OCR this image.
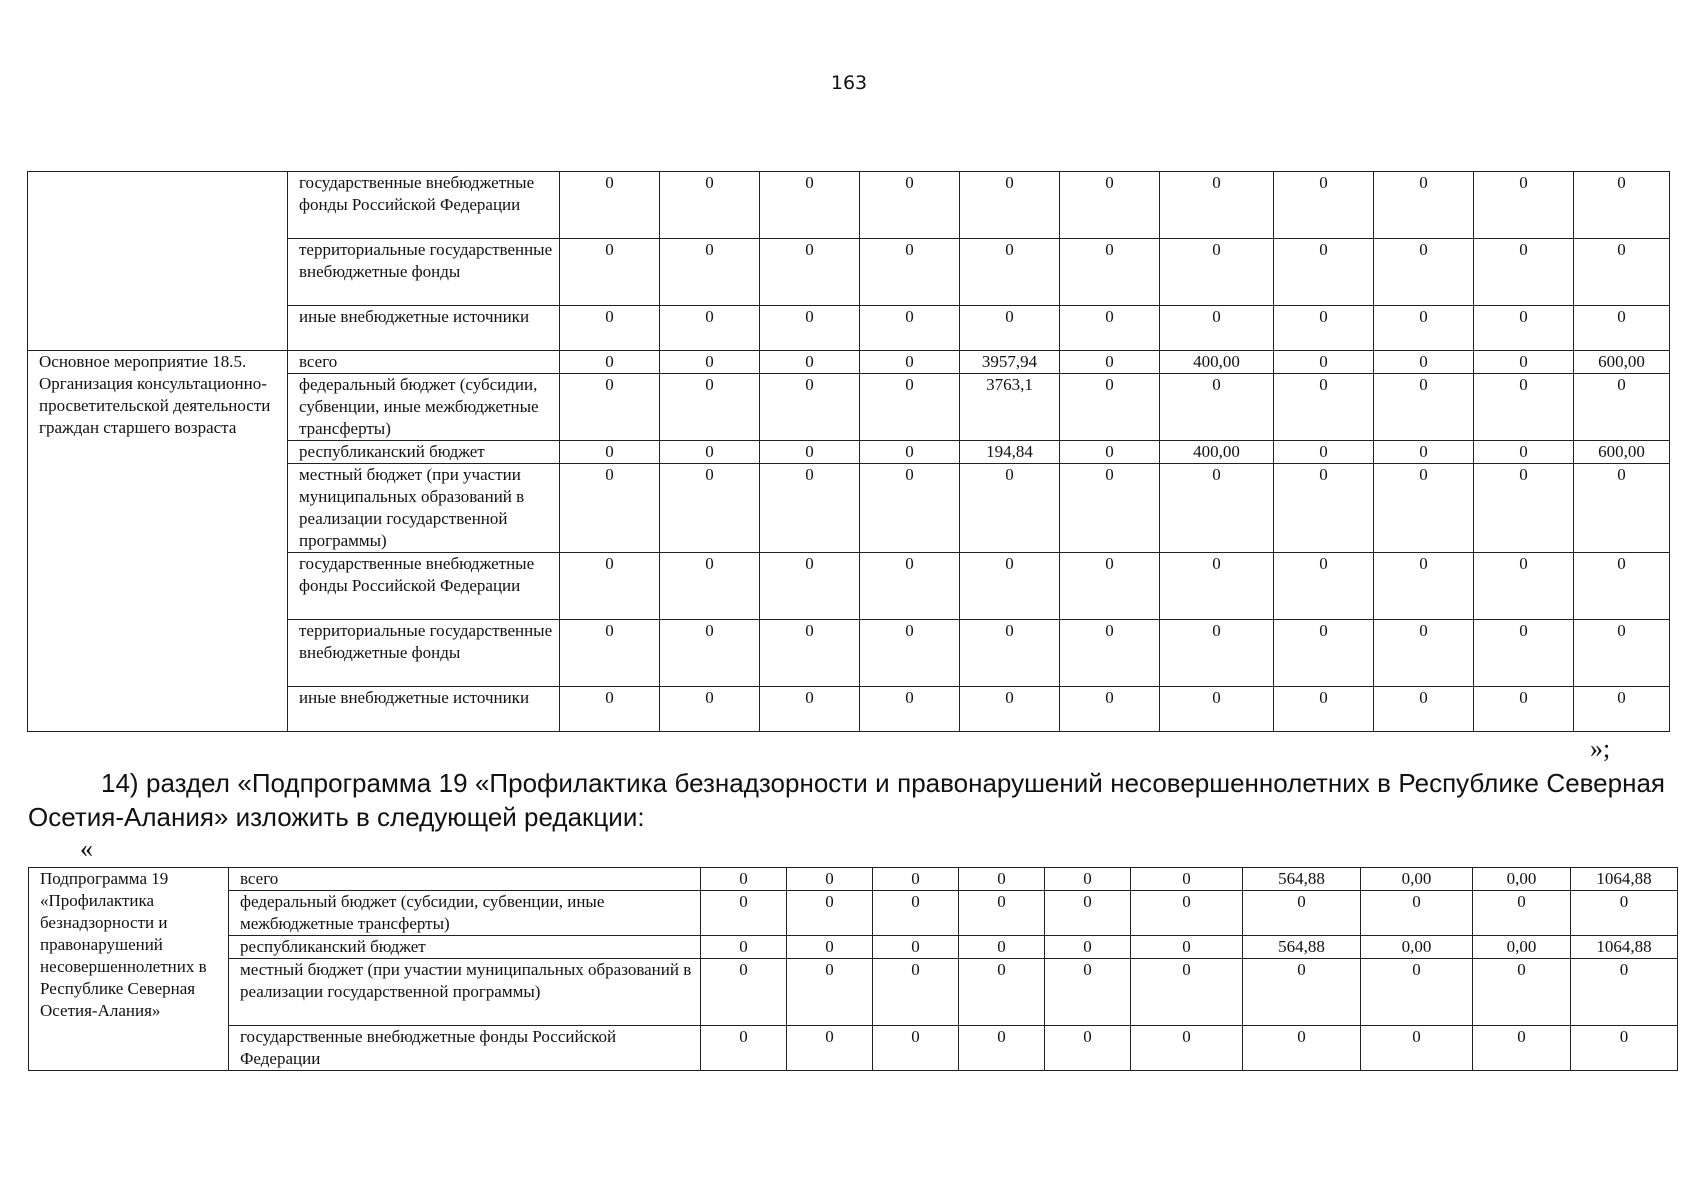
163
	государственные внебюджетные фонды Российской Федерации	0	0	0	0	0	0	0	0	0	0	0
	территориальные государственные внебюджетные фонды	0	0	0	0	0	0	0	0	0	0	0
	иные внебюджетные источники	0	0	0	0	0	0	0	0	0	0	0
Основное мероприятие 18.5. Организация консультационно-просветительской деятельности граждан старшего возраста	всего	0	0	0	0	3957,94	0	400,00	0	0	0	600,00
	федеральный бюджет (субсидии, субвенции, иные межбюджетные трансферты)	0	0	0	0	3763,1	0	0	0	0	0	0
	республиканский бюджет	0	0	0	0	194,84	0	400,00	0	0	0	600,00
	местный бюджет (при участии муниципальных образований в реализации государственной программы)	0	0	0	0	0	0	0	0	0	0	0
	государственные внебюджетные фонды Российской Федерации	0	0	0	0	0	0	0	0	0	0	0
	территориальные государственные внебюджетные фонды	0	0	0	0	0	0	0	0	0	0	0
	иные внебюджетные источники	0	0	0	0	0	0	0	0	0	0	0
»;
14) раздел «Подпрограмма 19 «Профилактика безнадзорности и правонарушений несовершеннолетних в Республике Северная Осетия-Алания» изложить в следующей редакции:
«
Подпрограмма 19 «Профилактика безнадзорности и правонарушений несовершеннолетних в Республике Северная Осетия-Алания»	всего	0	0	0	0	0	0	564,88	0,00	0,00	1064,88
	федеральный бюджет (субсидии, субвенции, иные межбюджетные трансферты)	0	0	0	0	0	0	0	0	0	0
	республиканский бюджет	0	0	0	0	0	0	564,88	0,00	0,00	1064,88
	местный бюджет (при участии муниципальных образований в реализации государственной программы)	0	0	0	0	0	0	0	0	0	0
	государственные внебюджетные фонды Российской Федерации	0	0	0	0	0	0	0	0	0	0
